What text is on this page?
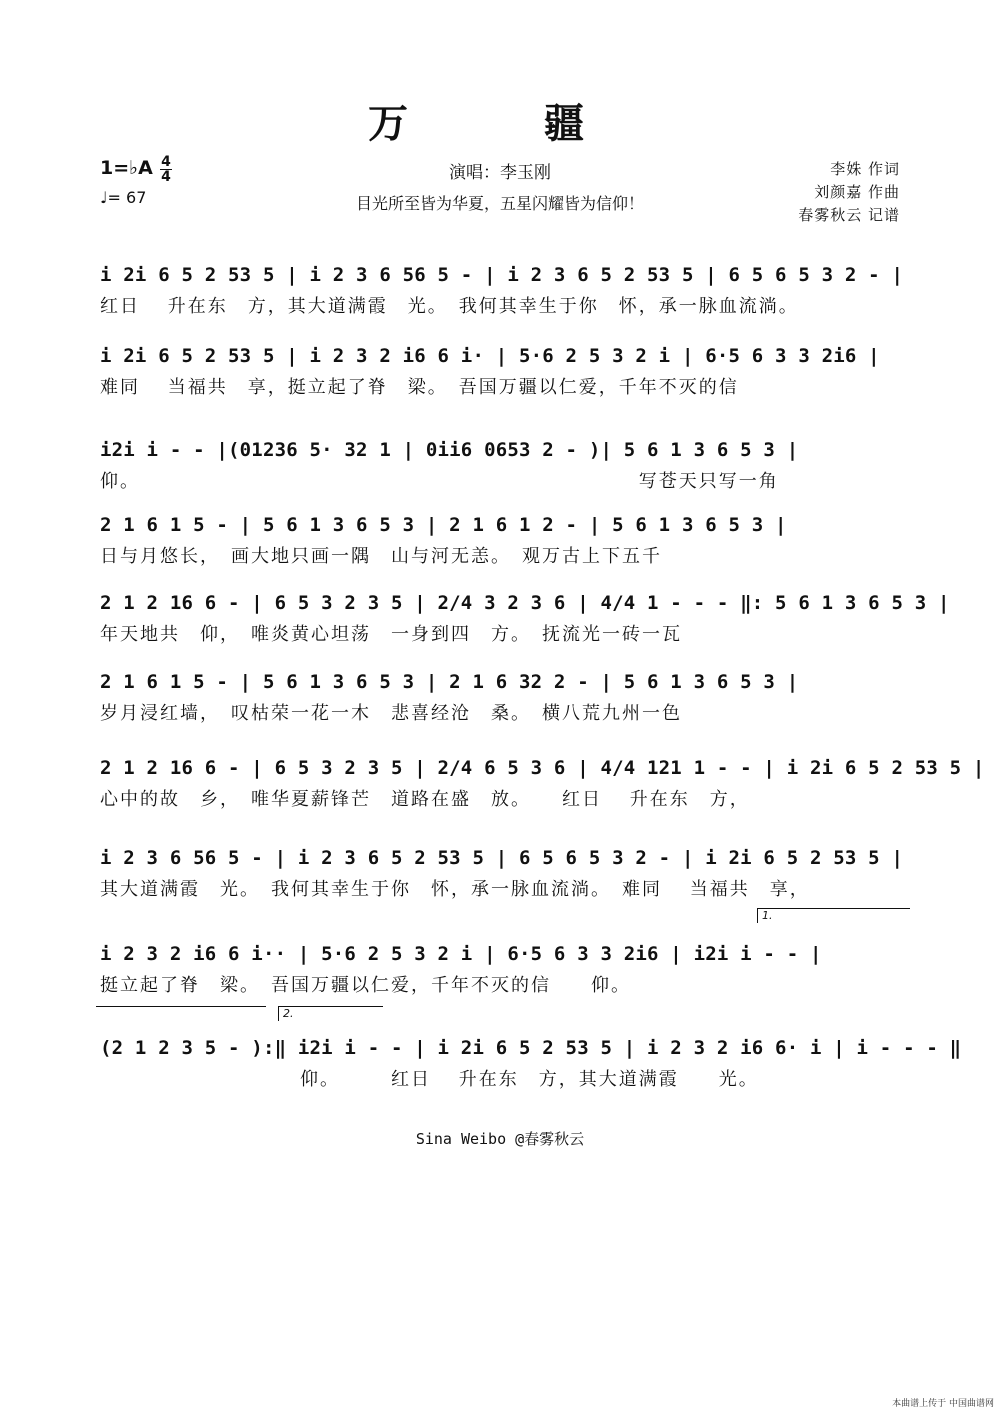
万　疆
1=♭A 4
4
♩= 67
演唱：李玉刚
目光所至皆为华夏，五星闪耀皆为信仰！
李姝 作词
刘颜嘉 作曲
春雾秋云 记谱
i 2i 6 5 2 53 5 | i 2 3 6 56 5 - | i 2 3 6 5 2 53 5 | 6 5 6 5 3 2 - |
红日　 升在东　方，其大道满霞　光。　我何其幸生于你　怀，承一脉血流淌。
i 2i 6 5 2 53 5 | i 2 3 2 i6 6 i· | 5·6 2 5 3 2 i | 6·5 6 3 3 2i6 |
难同　 当福共　享，挺立起了脊　梁。　吾国万疆以仁爱，千年不灭的信
i2i i - - |(01236 5· 32 1 | 0ii6 0653 2 - )| 5 6 1 3 6 5 3 |
仰。　　　　　　　　　　　　　　　　　　　　　　　　　 写苍天只写一角
2 1 6 1 5 - | 5 6 1 3 6 5 3 | 2 1 6 1 2 - | 5 6 1 3 6 5 3 |
日与月悠长，　画大地只画一隅　山与河无恙。　观万古上下五千
2 1 2 16 6 - | 6 5 3 2 3 5 | 2/4 3 2 3 6 | 4/4 1 - - - ‖: 5 6 1 3 6 5 3 |
年天地共　仰，　唯炎黄心坦荡　一身到四　方。　抚流光一砖一瓦
2 1 6 1 5 - | 5 6 1 3 6 5 3 | 2 1 6 32 2 - | 5 6 1 3 6 5 3 |
岁月浸红墙，　叹枯荣一花一木　悲喜经沧　桑。　横八荒九州一色
2 1 2 16 6 - | 6 5 3 2 3 5 | 2/4 6 5 3 6 | 4/4 121 1 - - | i 2i 6 5 2 53 5 |
心中的故　乡，　唯华夏薪锋芒　道路在盛　放。　　红日　 升在东　方，
i 2 3 6 56 5 - | i 2 3 6 5 2 53 5 | 6 5 6 5 3 2 - | i 2i 6 5 2 53 5 |
其大道满霞　光。　我何其幸生于你　怀，承一脉血流淌。　难同　 当福共　享，
i 2 3 2 i6 6 i·· | 5·6 2 5 3 2 i | 6·5 6 3 3 2i6 | i2i i - - |
挺立起了脊　梁。　吾国万疆以仁爱，千年不灭的信　　仰。
(2 1 2 3 5 - ):‖ i2i i - - | i 2i 6 5 2 53 5 | i 2 3 2 i6 6· i | i - - - ‖
　　　　　　　　　　仰。　　　红日　 升在东　方，其大道满霞　　光。
Sina Weibo @春雾秋云
本曲谱上传于 中国曲谱网
1.
2.
